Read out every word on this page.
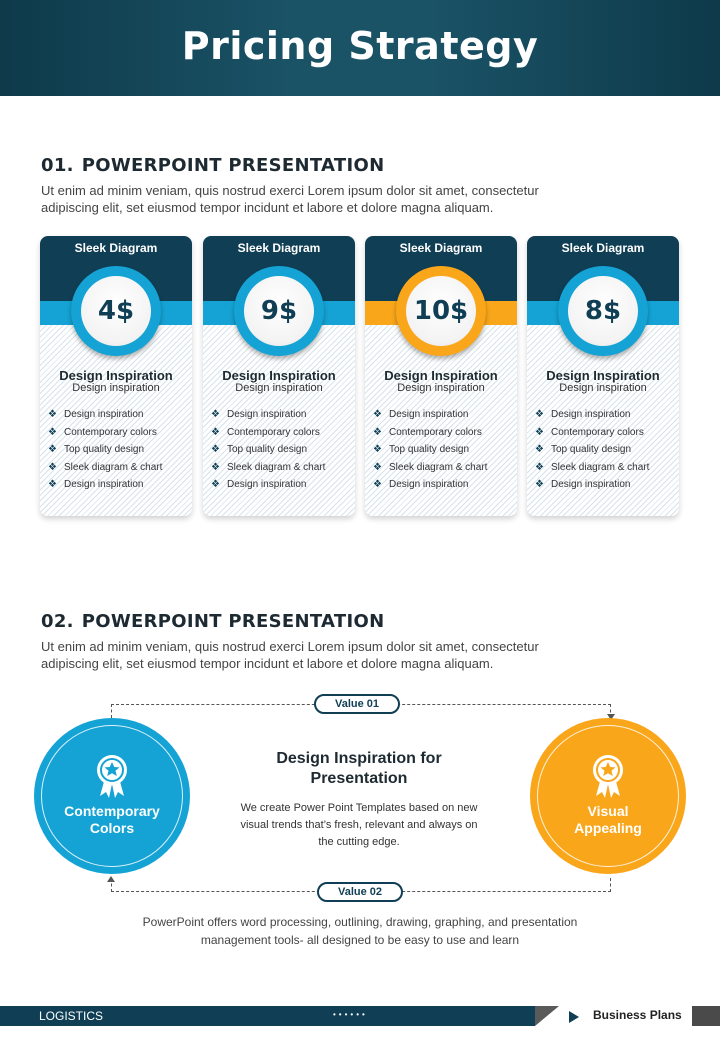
Pricing Strategy
01. POWERPOINT PRESENTATION
Ut enim ad minim veniam, quis nostrud exerci Lorem ipsum dolor sit amet, consectetur
adipiscing elit, set eiusmod tempor incidunt et labore et dolore magna aliquam.
Sleek Diagram
4$
Design Inspiration
Design inspiration
❖ Design inspiration
❖ Contemporary colors
❖ Top quality design
❖ Sleek diagram & chart
❖ Design inspiration
Sleek Diagram
9$
Design Inspiration
Design inspiration
❖ Design inspiration
❖ Contemporary colors
❖ Top quality design
❖ Sleek diagram & chart
❖ Design inspiration
Sleek Diagram
10$
Design Inspiration
Design inspiration
❖ Design inspiration
❖ Contemporary colors
❖ Top quality design
❖ Sleek diagram & chart
❖ Design inspiration
Sleek Diagram
8$
Design Inspiration
Design inspiration
❖ Design inspiration
❖ Contemporary colors
❖ Top quality design
❖ Sleek diagram & chart
❖ Design inspiration
02. POWERPOINT PRESENTATION
Ut enim ad minim veniam, quis nostrud exerci Lorem ipsum dolor sit amet, consectetur
adipiscing elit, set eiusmod tempor incidunt et labore et dolore magna aliquam.
Contemporary
Colors
Visual
Appealing
Value 01
Value 02
Design Inspiration for
Presentation
We create Power Point Templates based on new
visual trends that’s fresh, relevant and always on
the cutting edge.
PowerPoint offers word processing, outlining, drawing, graphing, and presentation
management tools- all designed to be easy to use and learn
LOGISTICS	••••••	Business Plans
